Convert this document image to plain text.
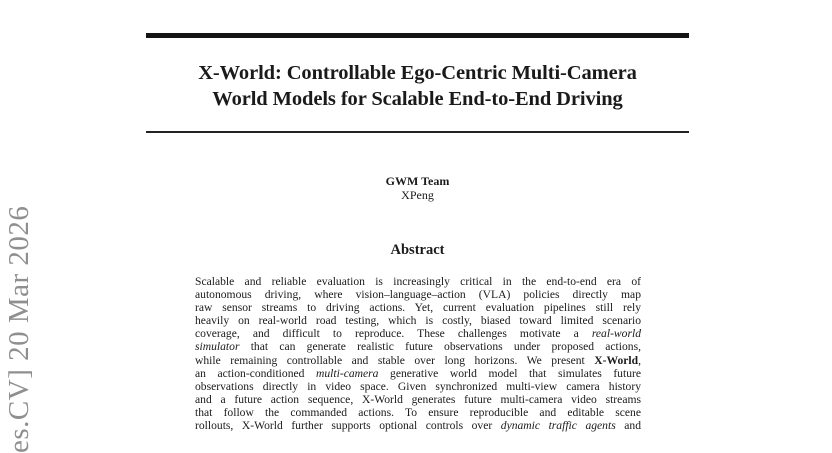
X-World: Controllable Ego-Centric Multi-Camera
World Models for Scalable End-to-End Driving
GWM Team
XPeng
Abstract
Scalable and reliable evaluation is increasingly critical in the end-to-end era of
autonomous driving, where vision–language–action (VLA) policies directly map
raw sensor streams to driving actions. Yet, current evaluation pipelines still rely
heavily on real-world road testing, which is costly, biased toward limited scenario
coverage, and difficult to reproduce. These challenges motivate a real-world
simulator that can generate realistic future observations under proposed actions,
while remaining controllable and stable over long horizons. We present X-World,
an action-conditioned multi-camera generative world model that simulates future
observations directly in video space. Given synchronized multi-view camera history
and a future action sequence, X-World generates future multi-camera video streams
that follow the commanded actions. To ensure reproducible and editable scene
rollouts, X-World further supports optional controls over dynamic traffic agents and
es.CV] 20 Mar 2026
